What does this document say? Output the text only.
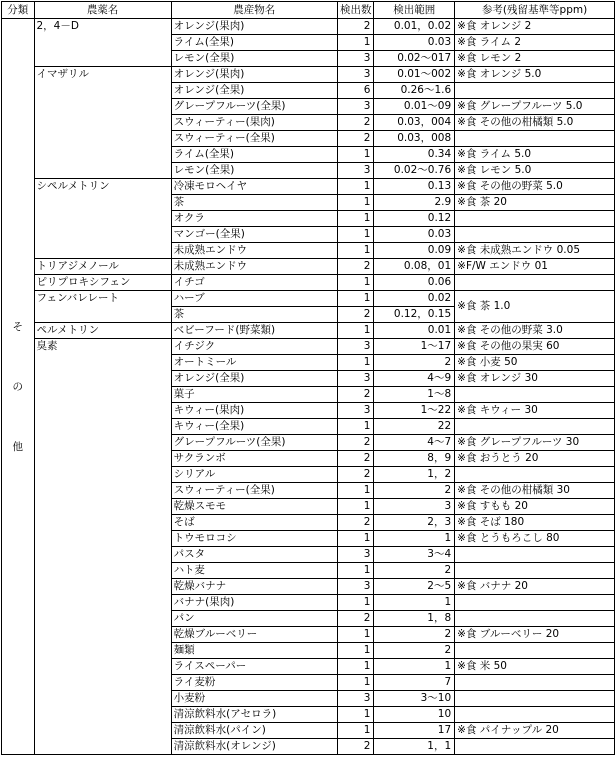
分類	農薬名	農産物名	検出数	検出範囲	参考(残留基準等ppm)

そ
の
他	2，4－D	オレンジ(果肉)	2	0.01，0.02	※食 オレンジ 2
		ライム(全果)	1	0.03	※食 ライム 2
		レモン(全果)	3	0.02～017	※食 レモン 2
	イマザリル	オレンジ(果肉)	3	0.01～002	※食 オレンジ 5.0
		オレンジ(全果)	6	0.26～1.6	
		グレープフルーツ(全果)	3	0.01～09	※食 グレープフルーツ 5.0
		スウィーティー(果肉)	2	0.03，004	※食 その他の柑橘類 5.0
		スウィーティー(全果)	2	0.03，008	
		ライム(全果)	1	0.34	※食 ライム 5.0
		レモン(全果)	3	0.02～0.76	※食 レモン 5.0
	シペルメトリン	冷凍モロヘイヤ	1	0.13	※食 その他の野菜 5.0
		茶	1	2.9	※食 茶 20
		オクラ	1	0.12	
		マンゴー(全果)	1	0.03	
		未成熟エンドウ	1	0.09	※食 未成熟エンドウ 0.05
	トリアジメノール	未成熟エンドウ	2	0.08，01	※F/W エンドウ 01
	ピリプロキシフェン	イチゴ	1	0.06	
	フェンバレレート	ハーブ	1	0.02	※食 茶 1.0
		茶	2	0.12，0.15	
	ペルメトリン	ベビーフード(野菜類)	1	0.01	※食 その他の野菜 3.0
	臭素	イチジク	3	1～17	※食 その他の果実 60
		オートミール	1	2	※食 小麦 50
		オレンジ(全果)	3	4～9	※食 オレンジ 30
		菓子	2	1～8	
		キウィー(果肉)	3	1～22	※食 キウィー 30
		キウィー(全果)	1	22	
		グレープフルーツ(全果)	2	4～7	※食 グレープフルーツ 30
		サクランボ	2	8，9	※食 おうとう 20
		シリアル	2	1，2	
		スウィーティー(全果)	1	2	※食 その他の柑橘類 30
		乾燥スモモ	1	3	※食 すもも 20
		そば	2	2，3	※食 そば 180
		トウモロコシ	1	1	※食 とうもろこし 80
		パスタ	3	3～4	
		ハト麦	1	2	
		乾燥バナナ	3	2～5	※食 バナナ 20
		バナナ(果肉)	1	1	
		パン	2	1，8	
		乾燥ブルーベリー	1	2	※食 ブルーベリー 20
		麺類	1	2	
		ライスペーパー	1	1	※食 米 50
		ライ麦粉	1	7	
		小麦粉	3	3～10	
		清涼飲料水(アセロラ)	1	10	
		清涼飲料水(パイン)	1	17	※食 パイナップル 20
		清涼飲料水(オレンジ)	2	1，1	
